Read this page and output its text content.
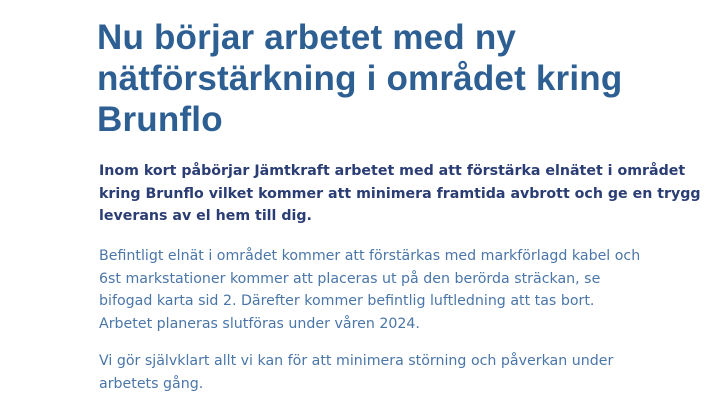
Nu börjar arbetet med ny
nätförstärkning i området kring
Brunflo

Inom kort påbörjar Jämtkraft arbetet med att förstärka elnätet i området
kring Brunflo vilket kommer att minimera framtida avbrott och ge en trygg
leverans av el hem till dig.

Befintligt elnät i området kommer att förstärkas med markförlagd kabel och
6st markstationer kommer att placeras ut på den berörda sträckan, se
bifogad karta sid 2. Därefter kommer befintlig luftledning att tas bort.
Arbetet planeras slutföras under våren 2024.

Vi gör självklart allt vi kan för att minimera störning och påverkan under
arbetets gång.
